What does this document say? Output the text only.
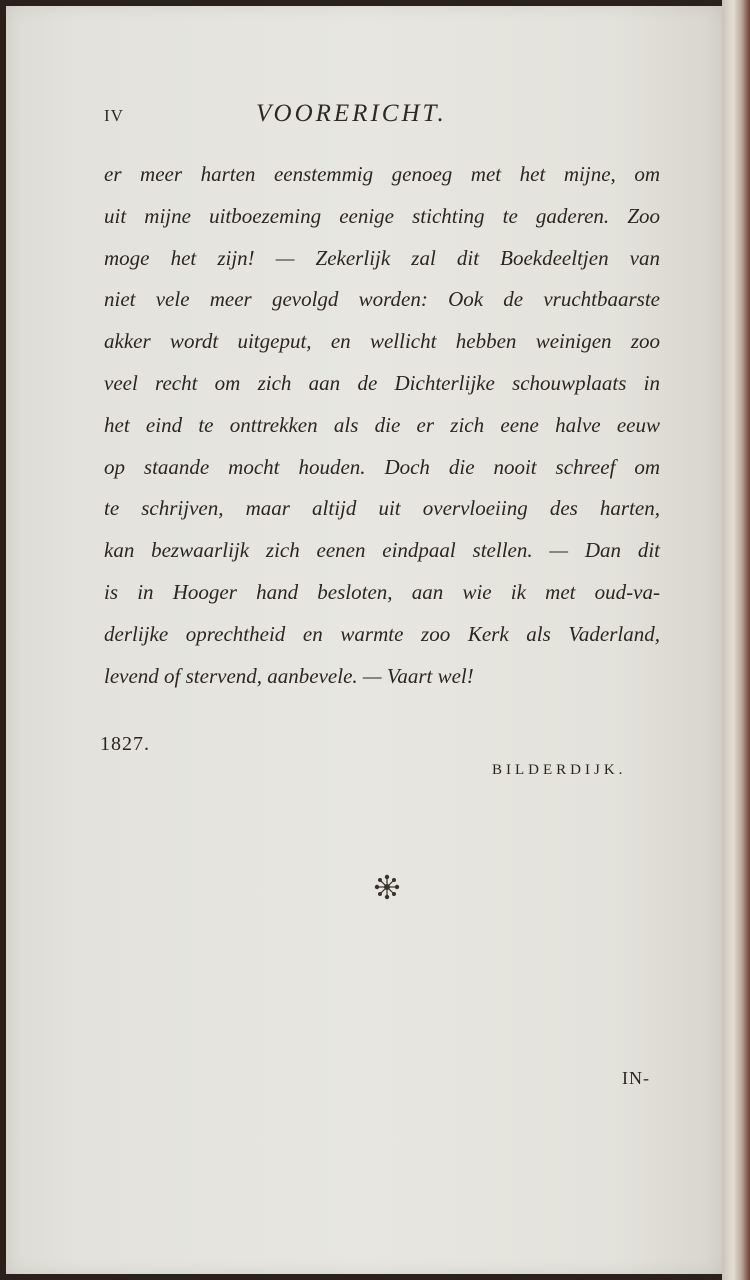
IV	VOORERICHT.
er meer harten eenstemmig genoeg met het mijne, om
uit mijne uitboezeming eenige stichting te gaderen. Zoo
moge het zijn! — Zekerlijk zal dit Boekdeeltjen van
niet vele meer gevolgd worden: Ook de vruchtbaarste
akker wordt uitgeput, en wellicht hebben weinigen zoo
veel recht om zich aan de Dichterlijke schouwplaats in
het eind te onttrekken als die er zich eene halve eeuw
op staande mocht houden. Doch die nooit schreef om
te schrijven, maar altijd uit overvloeiing des harten,
kan bezwaarlijk zich eenen eindpaal stellen. — Dan dit
is in Hooger hand besloten, aan wie ik met oud-va-
derlijke oprechtheid en warmte zoo Kerk als Vaderland,
levend of stervend, aanbevele. — Vaart wel!
1827.
BILDERDIJK.
IN-
